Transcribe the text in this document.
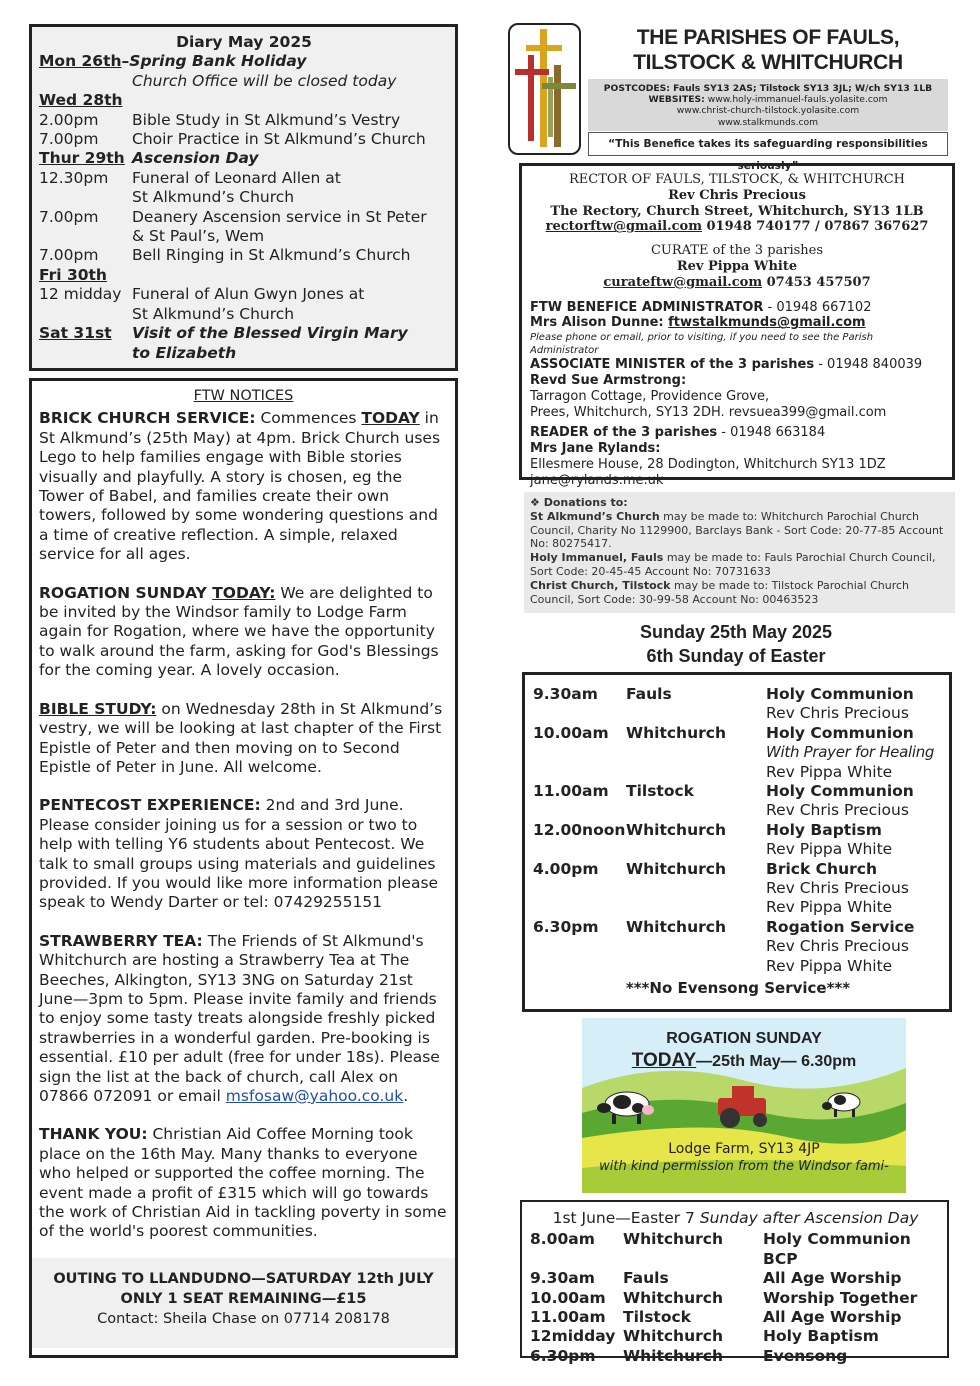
Diary May 2025
Mon 26th – Spring Bank Holiday
Church Office will be closed today
Wed 28th
2.00pm	Bible Study in St Alkmund’s Vestry
7.00pm	Choir Practice in St Alkmund’s Church
Thur 29th Ascension Day
12.30pm	Funeral of Leonard Allen at
St Alkmund’s Church
7.00pm	Deanery Ascension service in St Peter
& St Paul’s, Wem
7.00pm	Bell Ringing in St Alkmund’s Church
Fri 30th
12 midday Funeral of Alun Gwyn Jones at
St Alkmund’s Church
Sat 31st	Visit of the Blessed Virgin Mary
to Elizabeth
FTW NOTICES

BRICK CHURCH SERVICE: Commences TODAY in St Alkmund’s (25th May) at 4pm. Brick Church uses Lego to help families engage with Bible stories visually and playfully. A story is chosen, eg the Tower of Babel, and families create their own towers, followed by some wondering questions and a time of creative reflection. A simple, relaxed service for all ages.

ROGATION SUNDAY TODAY: We are delighted to be invited by the Windsor family to Lodge Farm again for Rogation, where we have the opportunity to walk around the farm, asking for God's Blessings for the coming year. A lovely occasion.

BIBLE STUDY: on Wednesday 28th in St Alkmund’s vestry, we will be looking at last chapter of the First Epistle of Peter and then moving on to Second Epistle of Peter in June. All welcome.

PENTECOST EXPERIENCE: 2nd and 3rd June. Please consider joining us for a session or two to help with telling Y6 students about Pentecost. We talk to small groups using materials and guidelines provided. If you would like more information please speak to Wendy Darter or tel: 07429255151

STRAWBERRY TEA: The Friends of St Alkmund's Whitchurch are hosting a Strawberry Tea at The Beeches, Alkington, SY13 3NG on Saturday 21st June—3pm to 5pm. Please invite family and friends to enjoy some tasty treats alongside freshly picked strawberries in a wonderful garden. Pre-booking is essential. £10 per adult (free for under 18s). Please sign the list at the back of church, call Alex on 07866 072091 or email msfosaw@yahoo.co.uk.

THANK YOU: Christian Aid Coffee Morning took place on the 16th May. Many thanks to everyone who helped or supported the coffee morning. The event made a profit of £315 which will go towards the work of Christian Aid in tackling poverty in some of the world's poorest communities.

OUTING TO LLANDUDNO—SATURDAY 12th JULY
ONLY 1 SEAT REMAINING—£15
Contact: Sheila Chase on 07714 208178
THE PARISHES OF FAULS,
TILSTOCK & WHITCHURCH
POSTCODES: Fauls SY13 2AS; Tilstock SY13 3JL; W/ch SY13 1LB
WEBSITES: www.holy-immanuel-fauls.yolasite.com
www.christ-church-tilstock.yolasite.com
www.stalkmunds.com
“This Benefice takes its safeguarding responsibilities seriously”
RECTOR OF FAULS, TILSTOCK, & WHITCHURCH
Rev Chris Precious
The Rectory, Church Street, Whitchurch, SY13 1LB
rectorftw@gmail.com 01948 740177 / 07867 367627
CURATE of the 3 parishes
Rev Pippa White
curateftw@gmail.com 07453 457507
FTW BENEFICE ADMINISTRATOR - 01948 667102
Mrs Alison Dunne: ftwstalkmunds@gmail.com
Please phone or email, prior to visiting, if you need to see the Parish Administrator
ASSOCIATE MINISTER of the 3 parishes - 01948 840039
Revd Sue Armstrong:
Tarragon Cottage, Providence Grove,
Prees, Whitchurch, SY13 2DH. revsuea399@gmail.com
READER of the 3 parishes - 01948 663184
Mrs Jane Rylands:
Ellesmere House, 28 Dodington, Whitchurch SY13 1DZ
jane@rylands.me.uk
❖ Donations to:
St Alkmund’s Church may be made to: Whitchurch Parochial Church Council, Charity No 1129900, Barclays Bank - Sort Code: 20-77-85 Account No: 80275417.
Holy Immanuel, Fauls may be made to: Fauls Parochial Church Council, Sort Code: 20-45-45 Account No: 70731633
Christ Church, Tilstock may be made to: Tilstock Parochial Church Council, Sort Code: 30-99-58 Account No: 00463523
Sunday 25th May 2025
6th Sunday of Easter
9.30am	Fauls	Holy Communion
Rev Chris Precious
10.00am	Whitchurch	Holy Communion
With Prayer for Healing
Rev Pippa White
11.00am	Tilstock	Holy Communion
Rev Chris Precious
12.00noon Whitchurch	Holy Baptism
Rev Pippa White
4.00pm	Whitchurch	Brick Church
Rev Chris Precious
Rev Pippa White
6.30pm	Whitchurch	Rogation Service
Rev Chris Precious
Rev Pippa White
***No Evensong Service***
ROGATION SUNDAY
TODAY—25th May— 6.30pm
Lodge Farm, SY13 4JP
with kind permission from the Windsor fami-
1st June—Easter 7 Sunday after Ascension Day
8.00am	Whitchurch	Holy Communion BCP
9.30am	Fauls	All Age Worship
10.00am	Whitchurch	Worship Together
11.00am	Tilstock	All Age Worship
12midday Whitchurch	Holy Baptism
6.30pm	Whitchurch	Evensong
